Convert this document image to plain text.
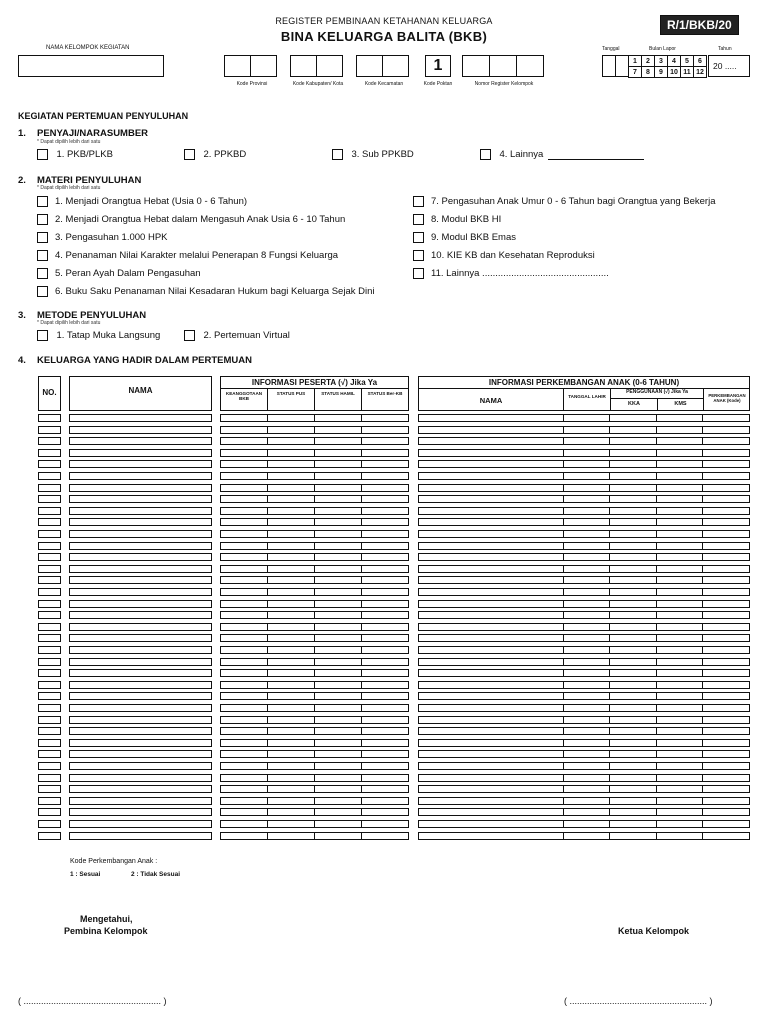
REGISTER PEMBINAAN KETAHANAN KELUARGA
BINA KELUARGA BALITA (BKB)
R/1/BKB/20
NAMA KELOMPOK KEGIATAN
Kode Provinsi	Kode Kabupaten/ Kota	Kode Kecamatan
1
Kode Poktan	Nomor Register Kelompok
Tanggal	Bulan Lapor	Tahun
1	2	3	4	5	6
7	8	9	10 11 12
20 .....
KEGIATAN PERTEMUAN PENYULUHAN
1. PENYAJI/NARASUMBER
* Dapat dipilih lebih dari satu
1. PKB/PLKB	2. PPKBD	3. Sub PPKBD	4. Lainnya
2. MATERI PENYULUHAN
* Dapat dipilih lebih dari satu
1. Menjadi Orangtua Hebat (Usia 0 - 6 Tahun)
2. Menjadi Orangtua Hebat dalam Mengasuh Anak Usia 6 - 10 Tahun
3. Pengasuhan 1.000 HPK
4. Penanaman Nilai Karakter melalui Penerapan 8 Fungsi Keluarga
5. Peran Ayah Dalam Pengasuhan
6. Buku Saku Penanaman Nilai Kesadaran Hukum bagi Keluarga Sejak Dini
7. Pengasuhan Anak Umur 0 - 6 Tahun bagi Orangtua yang Bekerja
8. Modul BKB HI
9. Modul BKB Emas
10. KIE KB dan Kesehatan Reproduksi
11. Lainnya ................................................
3. METODE PENYULUHAN
* Dapat dipilih lebih dari satu
1. Tatap Muka Langsung	2. Pertemuan Virtual
4. KELUARGA YANG HADIR DALAM PERTEMUAN
NO.	NAMA
INFORMASI PESERTA (√) Jika Ya
KEANGGOTAAN BKB
STATUS PUS	STATUS HAMIL	STATUS Ber-KB
INFORMASI PERKEMBANGAN ANAK (0-6 TAHUN)
NAMA	TANGGAL LAHIR
PENGGUNAAN (√) Jika Ya
KKA	KMS
PERKEMBANGAN ANAK (Kode)
Kode Perkembangan Anak :
1 : Sesuai	2 : Tidak Sesuai
Mengetahui,
Pembina Kelompok	Ketua Kelompok
( ....................................................... )	( ....................................................... )
